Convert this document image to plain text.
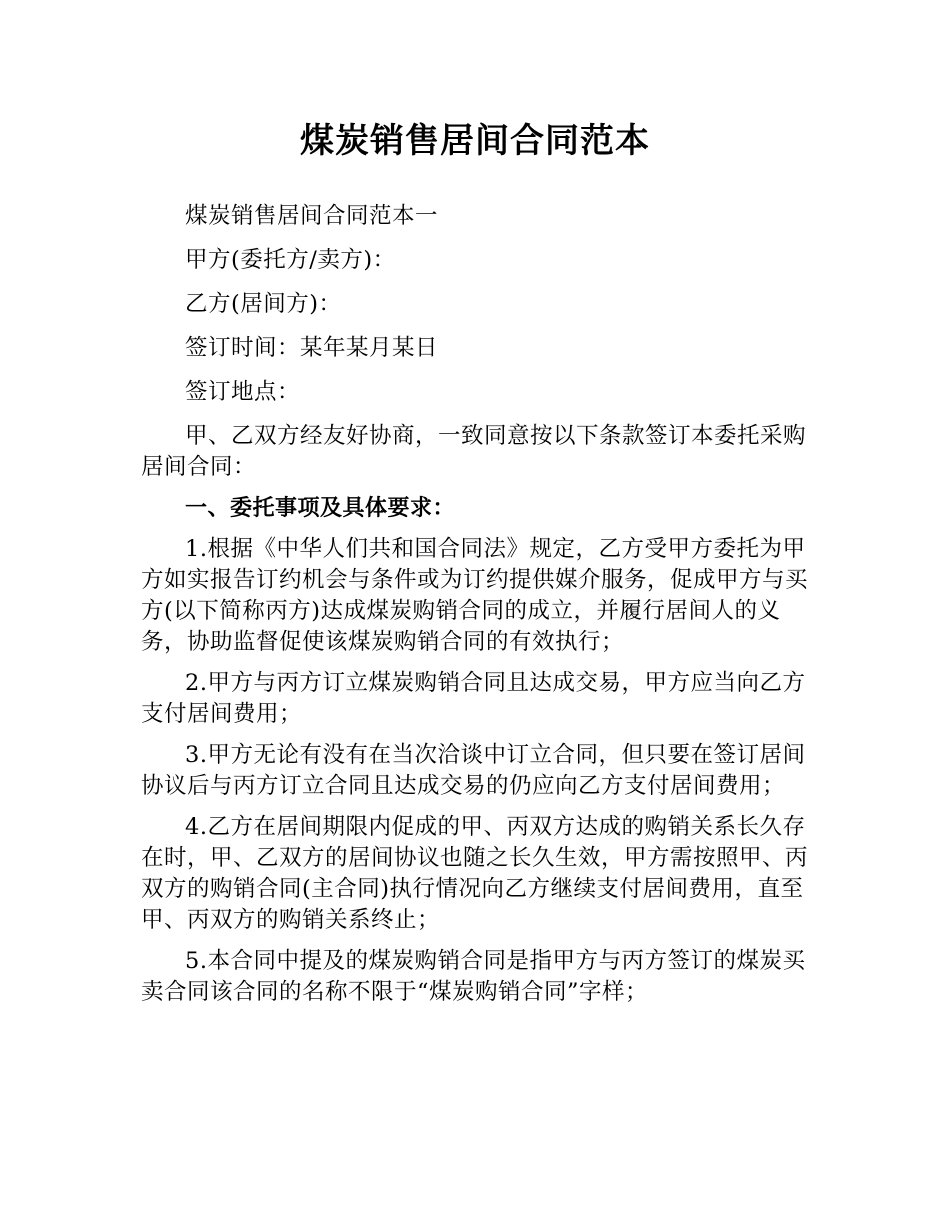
煤炭销售居间合同范本

煤炭销售居间合同范本一

甲方(委托方/卖方)：

乙方(居间方)：

签订时间：某年某月某日

签订地点：

甲、乙双方经友好协商，一致同意按以下条款签订本委托采购居间合同：

一、委托事项及具体要求：

1.根据《中华人们共和国合同法》规定，乙方受甲方委托为甲方如实报告订约机会与条件或为订约提供媒介服务，促成甲方与买方(以下简称丙方)达成煤炭购销合同的成立，并履行居间人的义务，协助监督促使该煤炭购销合同的有效执行；

2.甲方与丙方订立煤炭购销合同且达成交易，甲方应当向乙方支付居间费用；

3.甲方无论有没有在当次洽谈中订立合同，但只要在签订居间协议后与丙方订立合同且达成交易的仍应向乙方支付居间费用；

4.乙方在居间期限内促成的甲、丙双方达成的购销关系长久存在时，甲、乙双方的居间协议也随之长久生效，甲方需按照甲、丙双方的购销合同(主合同)执行情况向乙方继续支付居间费用，直至甲、丙双方的购销关系终止；

5.本合同中提及的煤炭购销合同是指甲方与丙方签订的煤炭买卖合同该合同的名称不限于“煤炭购销合同”字样；
